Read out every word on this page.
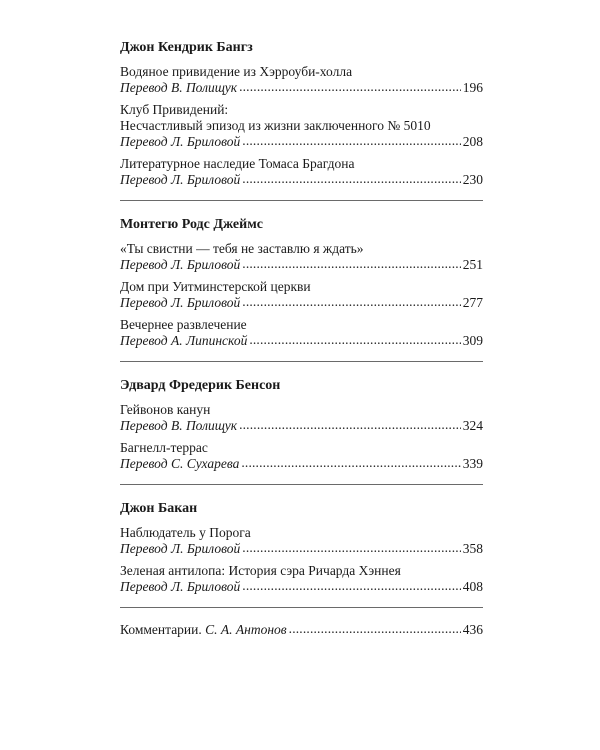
Джон Кендрик Бангз
Водяное привидение из Хэрроуби-холла
Перевод В. Полищук . . .	196
Клуб Привидений:
Несчастливый эпизод из жизни заключенного № 5010
Перевод Л. Бриловой . . .	208
Литературное наследие Томаса Брагдона
Перевод Л. Бриловой . . .	230
Монтегю Родс Джеймс
«Ты свистни — тебя не заставлю я ждать»
Перевод Л. Бриловой . . .	251
Дом при Уитминстерской церкви
Перевод Л. Бриловой . . .	277
Вечернее развлечение
Перевод А. Липинской . . .	309
Эдвард Фредерик Бенсон
Гейвонов канун
Перевод В. Полищук . . .	324
Багнелл-террас
Перевод С. Сухарева . . .	339
Джон Бакан
Наблюдатель у Порога
Перевод Л. Бриловой . . .	358
Зеленая антилопа: История сэра Ричарда Хэннея
Перевод Л. Бриловой . . .	408
Комментарии.
С. А. Антонов . . .	436
